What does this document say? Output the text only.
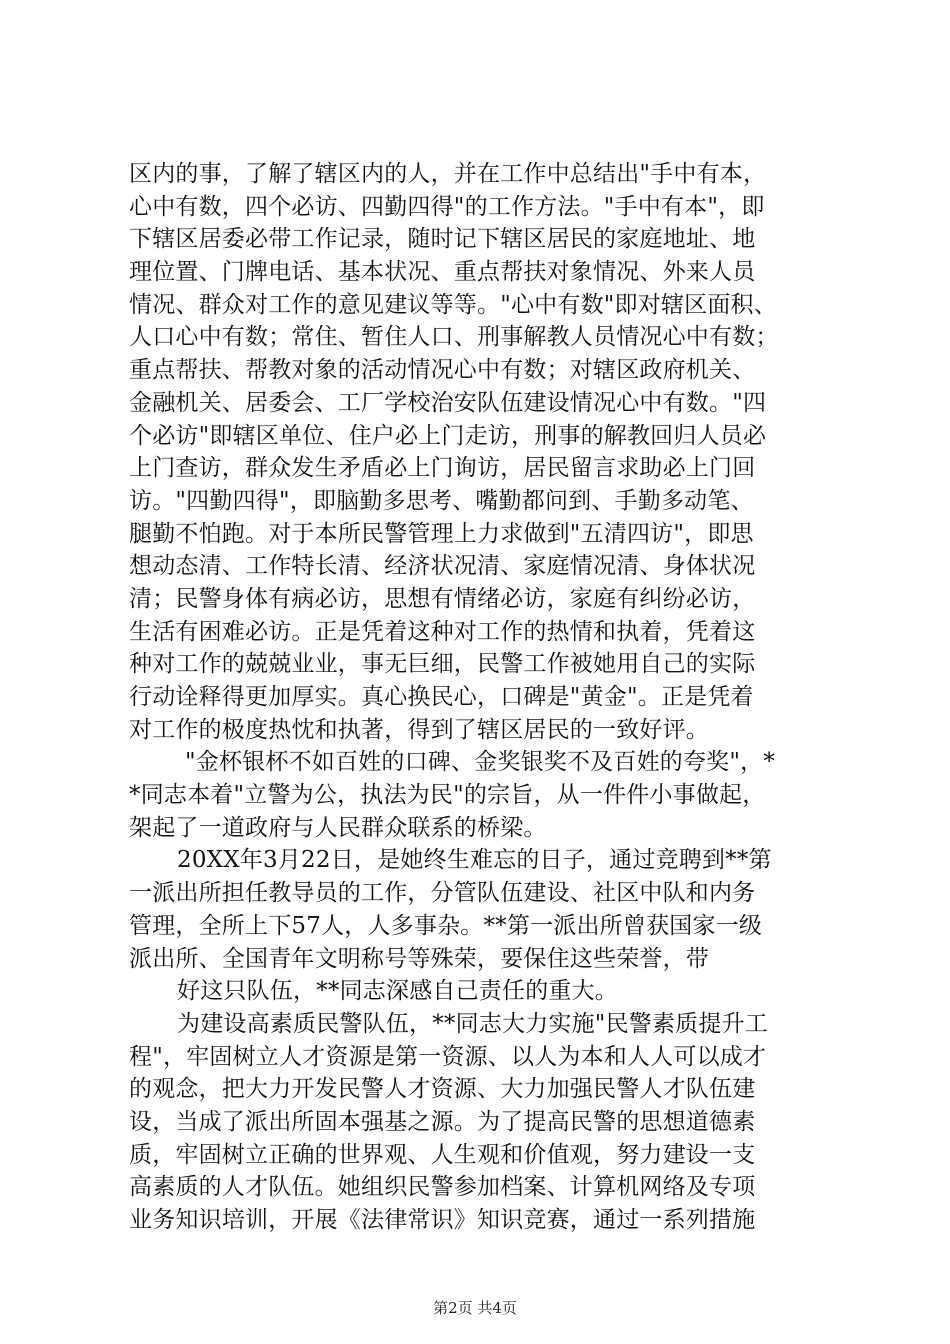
区内的事，了解了辖区内的人，并在工作中总结出"手中有本，
心中有数，四个必访、四勤四得"的工作方法。"手中有本"，即
下辖区居委必带工作记录，随时记下辖区居民的家庭地址、地
理位置、门牌电话、基本状况、重点帮扶对象情况、外来人员
情况、群众对工作的意见建议等等。"心中有数"即对辖区面积、
人口心中有数；常住、暂住人口、刑事解教人员情况心中有数；
重点帮扶、帮教对象的活动情况心中有数；对辖区政府机关、
金融机关、居委会、工厂学校治安队伍建设情况心中有数。"四
个必访"即辖区单位、住户必上门走访，刑事的解教回归人员必
上门查访，群众发生矛盾必上门询访，居民留言求助必上门回
访。"四勤四得"，即脑勤多思考、嘴勤都问到、手勤多动笔、
腿勤不怕跑。对于本所民警管理上力求做到"五清四访"，即思
想动态清、工作特长清、经济状况清、家庭情况清、身体状况
清；民警身体有病必访，思想有情绪必访，家庭有纠纷必访，
生活有困难必访。正是凭着这种对工作的热情和执着，凭着这
种对工作的兢兢业业，事无巨细，民警工作被她用自己的实际
行动诠释得更加厚实。真心换民心，口碑是"黄金"。正是凭着
对工作的极度热忱和执著，得到了辖区居民的一致好评。
"金杯银杯不如百姓的口碑、金奖银奖不及百姓的夸奖"，*
*同志本着"立警为公，执法为民"的宗旨，从一件件小事做起，
架起了一道政府与人民群众联系的桥梁。
20XX年3月22日，是她终生难忘的日子，通过竞聘到**第
一派出所担任教导员的工作，分管队伍建设、社区中队和内务
管理，全所上下57人，人多事杂。**第一派出所曾获国家一级
派出所、全国青年文明称号等殊荣，要保住这些荣誉，带
好这只队伍，**同志深感自己责任的重大。
为建设高素质民警队伍，**同志大力实施"民警素质提升工
程"，牢固树立人才资源是第一资源、以人为本和人人可以成才
的观念，把大力开发民警人才资源、大力加强民警人才队伍建
设，当成了派出所固本强基之源。为了提高民警的思想道德素
质，牢固树立正确的世界观、人生观和价值观，努力建设一支
高素质的人才队伍。她组织民警参加档案、计算机网络及专项
业务知识培训，开展《法律常识》知识竞赛，通过一系列措施
第2页 共4页
